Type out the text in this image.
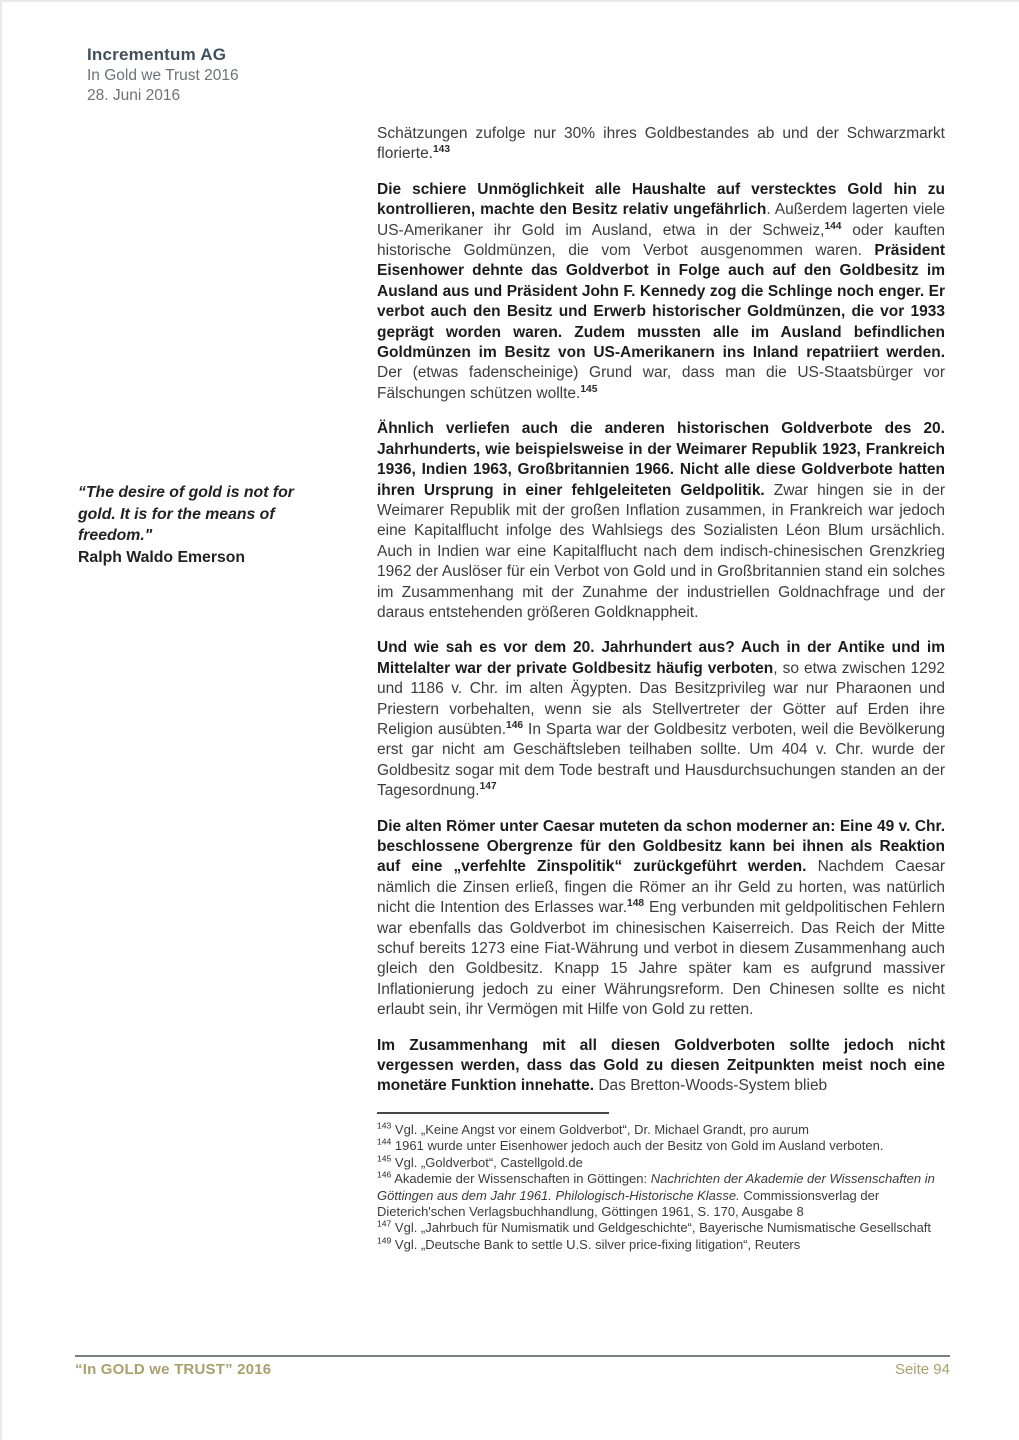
Incrementum AG
In Gold we Trust 2016
28. Juni 2016
“The desire of gold is not for gold. It is for the means of freedom."
Ralph Waldo Emerson

Schätzungen zufolge nur 30% ihres Goldbestandes ab und der Schwarzmarkt florierte.$^{143}$

Die schiere Unmöglichkeit alle Haushalte auf verstecktes Gold hin zu kontrollieren, machte den Besitz relativ ungefährlich. Außerdem lagerten viele US-Amerikaner ihr Gold im Ausland, etwa in der Schweiz,$^{144}$ oder kauften historische Goldmünzen, die vom Verbot ausgenommen waren. Präsident Eisenhower dehnte das Goldverbot in Folge auch auf den Goldbesitz im Ausland aus und Präsident John F. Kennedy zog die Schlinge noch enger. Er verbot auch den Besitz und Erwerb historischer Goldmünzen, die vor 1933 geprägt worden waren. Zudem mussten alle im Ausland befindlichen Goldmünzen im Besitz von US-Amerikanern ins Inland repatriiert werden. Der (etwas fadenscheinige) Grund war, dass man die US-Staatsbürger vor Fälschungen schützen wollte.$^{145}$

Ähnlich verliefen auch die anderen historischen Goldverbote des 20. Jahrhunderts, wie beispielsweise in der Weimarer Republik 1923, Frankreich 1936, Indien 1963, Großbritannien 1966. Nicht alle diese Goldverbote hatten ihren Ursprung in einer fehlgeleiteten Geldpolitik. Zwar hingen sie in der Weimarer Republik mit der großen Inflation zusammen, in Frankreich war jedoch eine Kapitalflucht infolge des Wahlsiegs des Sozialisten Léon Blum ursächlich. Auch in Indien war eine Kapitalflucht nach dem indisch-chinesischen Grenzkrieg 1962 der Auslöser für ein Verbot von Gold und in Großbritannien stand ein solches im Zusammenhang mit der Zunahme der industriellen Goldnachfrage und der daraus entstehenden größeren Goldknappheit.

Und wie sah es vor dem 20. Jahrhundert aus? Auch in der Antike und im Mittelalter war der private Goldbesitz häufig verboten, so etwa zwischen 1292 und 1186 v. Chr. im alten Ägypten. Das Besitzprivileg war nur Pharaonen und Priestern vorbehalten, wenn sie als Stellvertreter der Götter auf Erden ihre Religion ausübten.$^{146}$ In Sparta war der Goldbesitz verboten, weil die Bevölkerung erst gar nicht am Geschäftsleben teilhaben sollte. Um 404 v. Chr. wurde der Goldbesitz sogar mit dem Tode bestraft und Hausdurchsuchungen standen an der Tagesordnung.$^{147}$

Die alten Römer unter Caesar muteten da schon moderner an: Eine 49 v. Chr. beschlossene Obergrenze für den Goldbesitz kann bei ihnen als Reaktion auf eine „verfehlte Zinspolitik“ zurückgeführt werden. Nachdem Caesar nämlich die Zinsen erließ, fingen die Römer an ihr Geld zu horten, was natürlich nicht die Intention des Erlasses war.$^{148}$ Eng verbunden mit geldpolitischen Fehlern war ebenfalls das Goldverbot im chinesischen Kaiserreich. Das Reich der Mitte schuf bereits 1273 eine Fiat-Währung und verbot in diesem Zusammenhang auch gleich den Goldbesitz. Knapp 15 Jahre später kam es aufgrund massiver Inflationierung jedoch zu einer Währungsreform. Den Chinesen sollte es nicht erlaubt sein, ihr Vermögen mit Hilfe von Gold zu retten.

Im Zusammenhang mit all diesen Goldverboten sollte jedoch nicht vergessen werden, dass das Gold zu diesen Zeitpunkten meist noch eine monetäre Funktion innehatte. Das Bretton-Woods-System blieb

$^{143}$ Vgl. „Keine Angst vor einem Goldverbot“, Dr. Michael Grandt, pro aurum
$^{144}$ 1961 wurde unter Eisenhower jedoch auch der Besitz von Gold im Ausland verboten.
$^{145}$ Vgl. „Goldverbot“, Castellgold.de
$^{146}$ Akademie der Wissenschaften in Göttingen: Nachrichten der Akademie der Wissenschaften in Göttingen aus dem Jahr 1961. Philologisch-Historische Klasse. Commissionsverlag der Dieterich'schen Verlagsbuchhandlung, Göttingen 1961, S. 170, Ausgabe 8
$^{147}$ Vgl. „Jahrbuch für Numismatik und Geldgeschichte“, Bayerische Numismatische Gesellschaft
$^{149}$ Vgl. „Deutsche Bank to settle U.S. silver price-fixing litigation“, Reuters
“In GOLD we TRUST” 2016	Seite 94
